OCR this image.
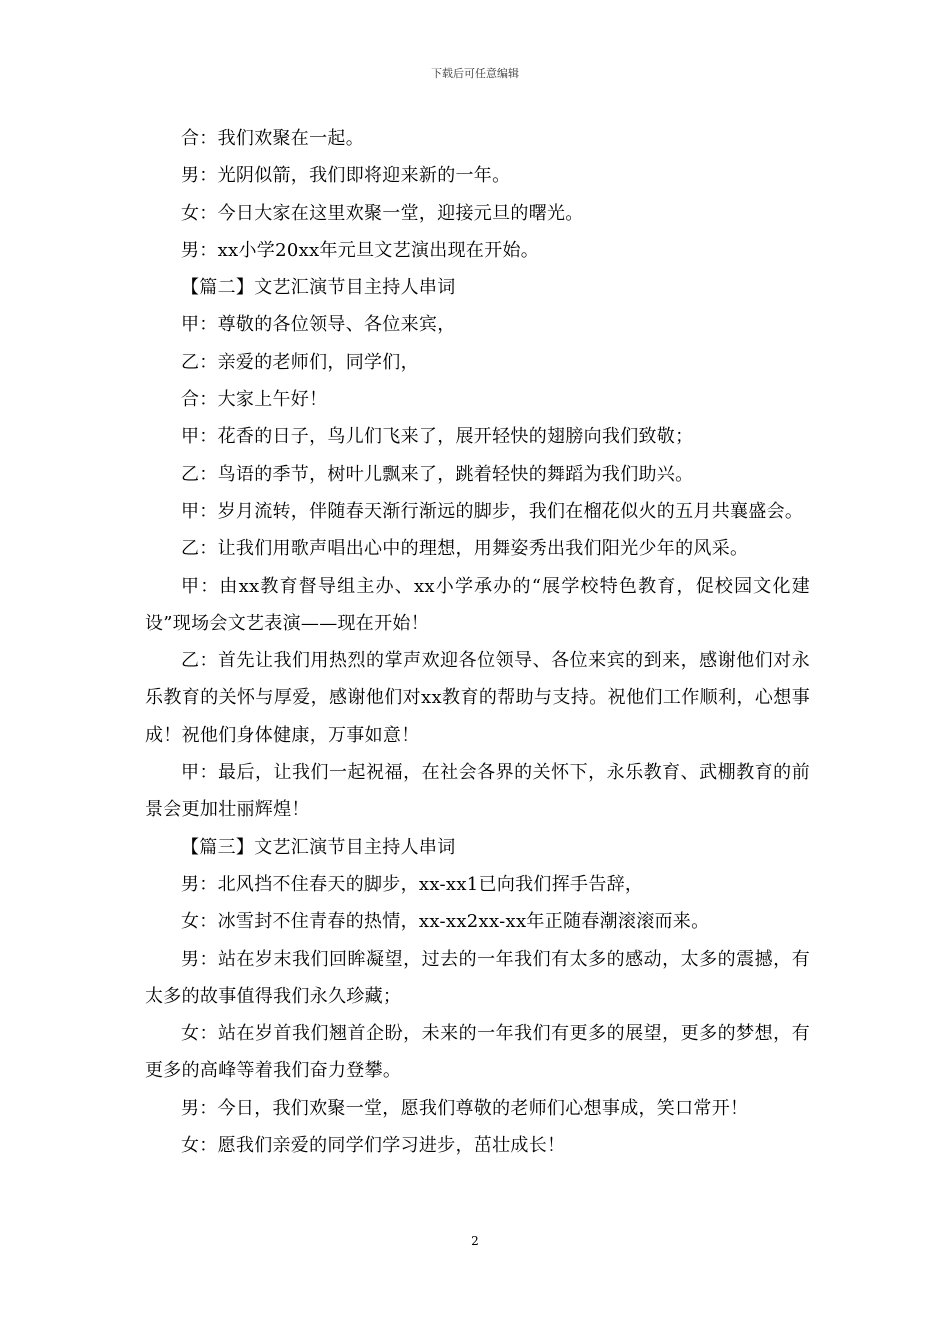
下载后可任意编辑

合：我们欢聚在一起。

男：光阴似箭，我们即将迎来新的一年。

女：今日大家在这里欢聚一堂，迎接元旦的曙光。

男：xx小学20xx年元旦文艺演出现在开始。

【篇二】文艺汇演节目主持人串词

甲：尊敬的各位领导、各位来宾，

乙：亲爱的老师们，同学们，

合：大家上午好！

甲：花香的日子，鸟儿们飞来了，展开轻快的翅膀向我们致敬；

乙：鸟语的季节，树叶儿飘来了，跳着轻快的舞蹈为我们助兴。

甲：岁月流转，伴随春天渐行渐远的脚步，我们在榴花似火的五月共襄盛会。

乙：让我们用歌声唱出心中的理想，用舞姿秀出我们阳光少年的风采。

甲：由xx教育督导组主办、xx小学承办的“展学校特色教育，促校园文化建设”现场会文艺表演——现在开始！

乙：首先让我们用热烈的掌声欢迎各位领导、各位来宾的到来，感谢他们对永乐教育的关怀与厚爱，感谢他们对xx教育的帮助与支持。祝他们工作顺利，心想事成！祝他们身体健康，万事如意！

甲：最后，让我们一起祝福，在社会各界的关怀下，永乐教育、武棚教育的前景会更加壮丽辉煌！

【篇三】文艺汇演节目主持人串词

男：北风挡不住春天的脚步，xx-xx1已向我们挥手告辞，

女：冰雪封不住青春的热情，xx-xx2xx-xx年正随春潮滚滚而来。

男：站在岁末我们回眸凝望，过去的一年我们有太多的感动，太多的震撼，有太多的故事值得我们永久珍藏；

女：站在岁首我们翘首企盼，未来的一年我们有更多的展望，更多的梦想，有更多的高峰等着我们奋力登攀。

男：今日，我们欢聚一堂，愿我们尊敬的老师们心想事成，笑口常开！

女：愿我们亲爱的同学们学习进步，茁壮成长！

2
